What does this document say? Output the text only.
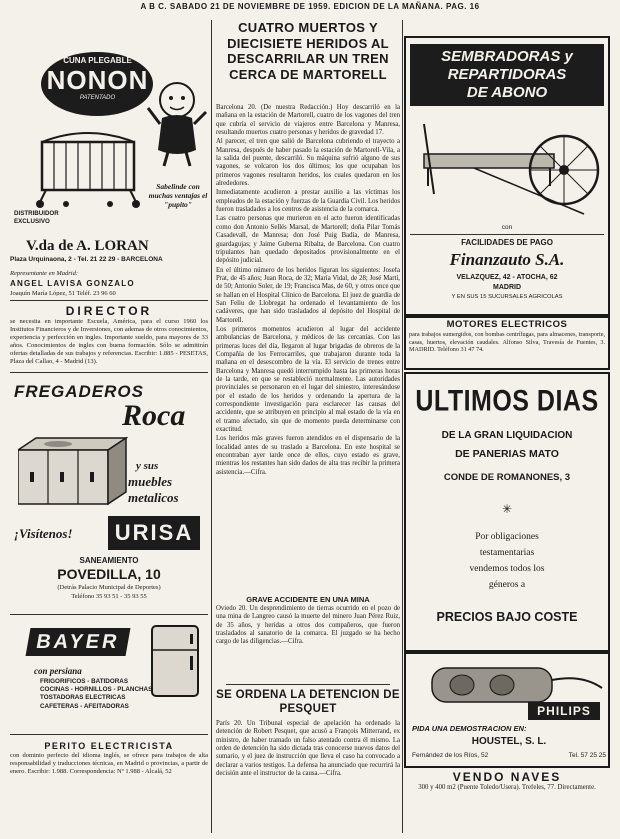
A B C. SABADO 21 DE NOVIEMBRE DE 1959. EDICION DE LA MAÑANA. PAG. 16
CUNA PLEGABLE
NONON
PATENTADO
Sabelinde con muchas ventajas el "pupito"
DISTRIBUIDOR EXCLUSIVO
V.da de A. LORAN
Plaza Urquinaona, 2 - Tel. 21 22 29 - BARCELONA
Representante en Madrid:
ANGEL LAVISA GONZALO
Joaquín María López, 51 Teléf. 23 96 60
DIRECTOR

se necesita en importante Escuela, América, para el curso 1960 los Institutos Financieros y de Inversiones, con ademas de otros conocimientos, experiencia y perfección en ingles. Importante sueldo, para mayores de 33 años. Conocimientos de ingles con buena formación. Sólo se admitirán ofertas detalladas de sus trabajos y referencias. Escribir: 1.885 - PESETAS, Plaza del Callao, 4 - Madrid (13).

FREGADEROS
Roca
y sus
muebles
metalicos
¡Visítenos!	URISA
SANEAMIENTO
POVEDILLA, 10
(Detrás Palacio Municipal de Deportes)
Teléfono 35 93 51 - 35 93 55
BAYER
con persiana
FRIGORIFICOS - BATIDORAS
COCINAS - HORNILLOS - PLANCHAS
TOSTADORAS ELECTRICAS
CAFETERAS - AFEITADORAS
PERITO ELECTRICISTA

con dominio perfecto del idioma inglés, se ofrece para trabajos de alta responsabilidad y traducciones técnicas, en Madrid o provincias, a partir de enero. Escribir: 1.988. Correspondencia: Nº 1.988 - Alcalá, 52

CUATRO MUERTOS Y DIECISIETE HERIDOS AL DESCARRILAR UN TREN CERCA DE MARTORELL

Barcelona 20. (De nuestra Redacción.) Hoy descarriló en la mañana en la estación de Martorell, cuatro de los vagones del tren que cubría el servicio de viajeros entre Barcelona y Manresa, resultando muertos cuatro personas y heridos de gravedad 17.

Al parecer, el tren que salió de Barcelona cubriendo el trayecto a Manresa, después de haber pasado la estación de Martorell-Vila, a la salida del puente, descarriló. Su máquina sufrió alguno de sus vagones, se volcaron los dos últimos; los que ocupaban los primeros vagones resultaron heridos, los cuales quedaron en los alrededores.

Inmediatamente acudieron a prestar auxilio a las víctimas los empleados de la estación y fuerzas de la Guardia Civil. Los heridos fueron trasladados a los centros de asistencia de la comarca.

Las cuatro personas que murieron en el acto fueron identificadas como don Antonio Sellés Marsal, de Martorell; doña Pilar Tomás Casadevall, de Manresa; don José Puig Badía, de Manresa, guardagujas; y Jaime Guberna Ribalta, de Barcelona. Con cuatro tripulantes han quedado depositados provisionalmente en el depósito judicial.

En el último número de los heridos figuran los siguientes: Josefa Prat, de 45 años; Juan Roca, de 32; María Vidal, de 28; José Martí, de 50; Antonio Soler, de 19; Francisca Mas, de 60, y otros once que se hallan en el Hospital Clínico de Barcelona. El juez de guardia de San Feliu de Llobregat ha ordenado el levantamiento de los cadáveres, que han sido trasladados al depósito del Hospital de Martorell.

Los primeros momentos acudieron al lugar del accidente ambulancias de Barcelona, y médicos de las cercanías. Con las primeras luces del día, llegaron al lugar brigadas de obreros de la Compañía de los Ferrocarriles, que trabajaron durante toda la mañana en el desescombro de la vía. El servicio de trenes entre Barcelona y Manresa quedó interrumpido hasta las primeras horas de la tarde, en que se restableció normalmente. Las autoridades provinciales se personaron en el lugar del siniestro, interesándose por el estado de los heridos y ordenando la apertura de la correspondiente investigación para esclarecer las causas del accidente, que se atribuyen en principio al mal estado de la vía en el tramo afectado, sin que de momento pueda determinarse con exactitud.

Los heridos más graves fueron atendidos en el dispensario de la localidad antes de su traslado a Barcelona. En este hospital se encontraban ayer tarde once de ellos, cuyo estado es grave, mientras los restantes han sido dados de alta tras recibir la primera asistencia.—Cifra.

GRAVE ACCIDENTE EN UNA MINA

Oviedo 20. Un desprendimiento de tierras ocurrido en el pozo de una mina de Langreo causó la muerte del minero Juan Pérez Ruiz, de 35 años, y heridas a otros dos compañeros, que fueron trasladados al sanatorio de la comarca. El juzgado se ha hecho cargo de las diligencias.—Cifra.

SE ORDENA LA DETENCION DE PESQUET

París 20. Un Tribunal especial de apelación ha ordenado la detención de Robert Pesquet, que acusó a François Mitterrand, ex ministro, de haber tramado un falso atentado contra él mismo. La orden de detención ha sido dictada tras conocerse nuevos datos del sumario, y el juez de instrucción que lleva el caso ha convocado a declarar a varios testigos. La defensa ha anunciado que recurrirá la decisión ante el instructor de la causa.—Cifra.

SEMBRADORAS y
REPARTIDORAS
DE ABONO
con
FACILIDADES DE PAGO
Finanzauto S.A.
VELAZQUEZ, 42 - ATOCHA, 62
MADRID
Y EN SUS 15 SUCURSALES AGRICOLAS
MOTORES ELECTRICOS

para trabajos sumergidos, con bombas centrífugas, para almacenes, transporte, casas, huertos, elevación caudales. Alfonso Silva, Travesía de Fuentes, 3. MADRID. Teléfono 31 47 74.

ULTIMOS DIAS
DE LA GRAN LIQUIDACION
DE PANERIAS MATO
CONDE DE ROMANONES, 3
✳
Por obligaciones
testamentarias
vendemos todos los
géneros a
PRECIOS BAJO COSTE
PHILIPS
PIDA UNA DEMOSTRACION EN:
HOUSTEL, S. L.
Fernández de los Ríos, 52	Tel. 57 25 25
VENDO NAVES

300 y 400 m2 (Puente Toledo/Usera). Trefeles, 77. Directamente.
